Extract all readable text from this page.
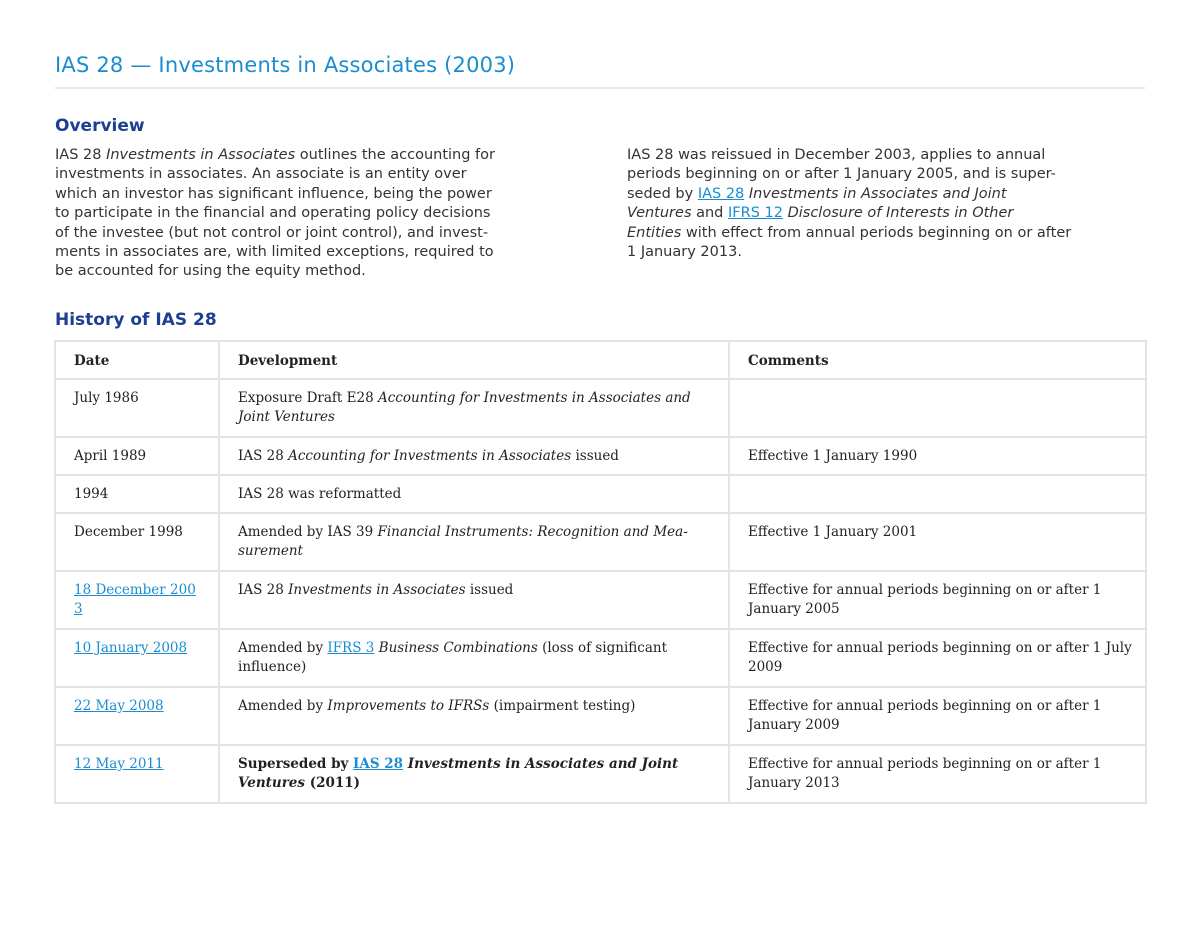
IAS 28 — Investments in Associates (2003)
Overview

IAS 28 Investments in Associates outlines the accounting for
investments in associates. An associate is an entity over
which an investor has significant influence, being the power
to participate in the financial and operating policy decisions
of the investee (but not control or joint control), and invest-
ments in associates are, with limited exceptions, required to
be accounted for using the equity method.

IAS 28 was reissued in December 2003, applies to annual
periods beginning on or after 1 January 2005, and is super-
seded by IAS 28 Investments in Associates and Joint
Ventures and IFRS 12 Disclosure of Interests in Other
Entities with effect from annual periods beginning on or after
1 January 2013.

History of IAS 28
Date	Development	Comments
July 1986	Exposure Draft E28 Accounting for Investments in Associates and
Joint Ventures	

April 1989	IAS 28 Accounting for Investments in Associates issued	Effective 1 January 1990
1994	IAS 28 was reformatted	
December 1998	Amended by IAS 39 Financial Instruments: Recognition and Mea-
surement	Effective 1 January 2001

18 December 200
3	IAS 28 Investments in Associates issued	Effective for annual periods beginning on or after 1
January 2005

10 January 2008	Amended by IFRS 3 Business Combinations (loss of significant
influence)	Effective for annual periods beginning on or after 1 July
2009

22 May 2008	Amended by Improvements to IFRSs (impairment testing)	Effective for annual periods beginning on or after 1
January 2009

12 May 2011	Superseded by IAS 28 Investments in Associates and Joint
Ventures (2011)	Effective for annual periods beginning on or after 1
January 2013
